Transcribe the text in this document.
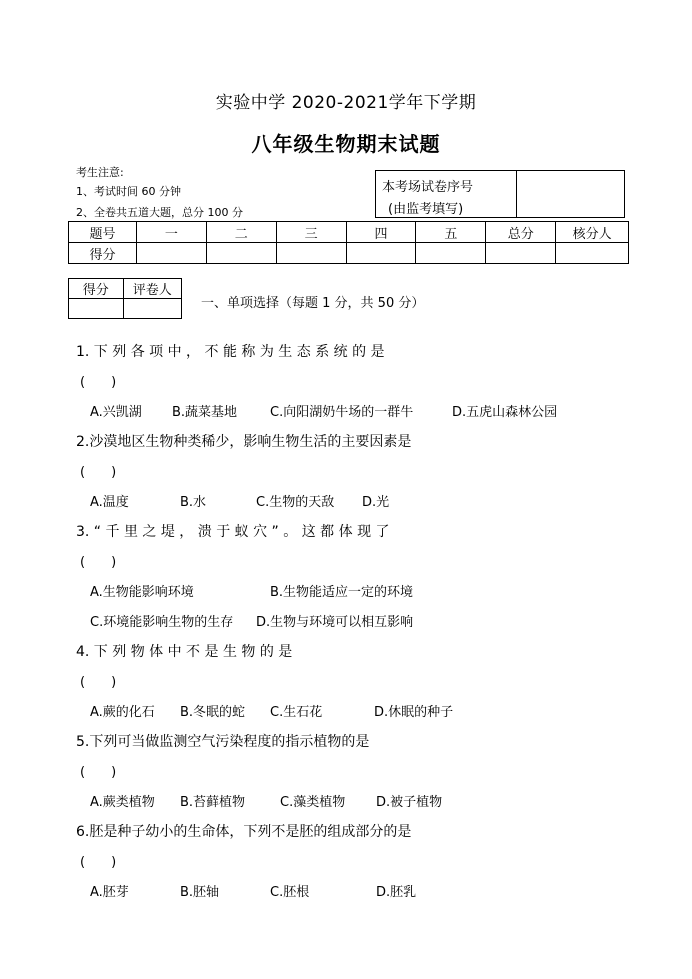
实验中学 2020-2021学年下学期
八年级生物期末试题
考生注意:
1、考试时间 60 分钟
2、全卷共五道大题，总分 100 分
本考场试卷序号
(由监考填写)
题号	一	二	三	四	五	总分	核分人
得分							
得分	评卷人

一、单项选择（每题 1 分，共 50 分）
1. 下 列 各 项 中 ， 不 能 称 为 生 态 系 统 的 是
(　　)
A.兴凯湖 B.蔬菜基地	C.向阳湖奶牛场的一群牛	D.五虎山森林公园
2.沙漠地区生物种类稀少，影响生物生活的主要因素是
(　　)
A.温度	B.水	C.生物的天敌 D.光
3. “ 千 里 之 堤 ， 溃 于 蚁 穴 ” 。 这 都 体 现 了
(　　)
A.生物能影响环境	B.生物能适应一定的环境
C.环境能影响生物的生存 D.生物与环境可以相互影响
4. 下 列 物 体 中 不 是 生 物 的 是
(　　)
A.蕨的化石 B.冬眠的蛇 C.生石花	D.休眠的种子
5.下列可当做监测空气污染程度的指示植物的是
(　　)
A.蕨类植物 B.苔藓植物	C.藻类植物 D.被子植物
6.胚是种子幼小的生命体，下列不是胚的组成部分的是
(　　)
A.胚芽	B.胚轴	C.胚根	D.胚乳
